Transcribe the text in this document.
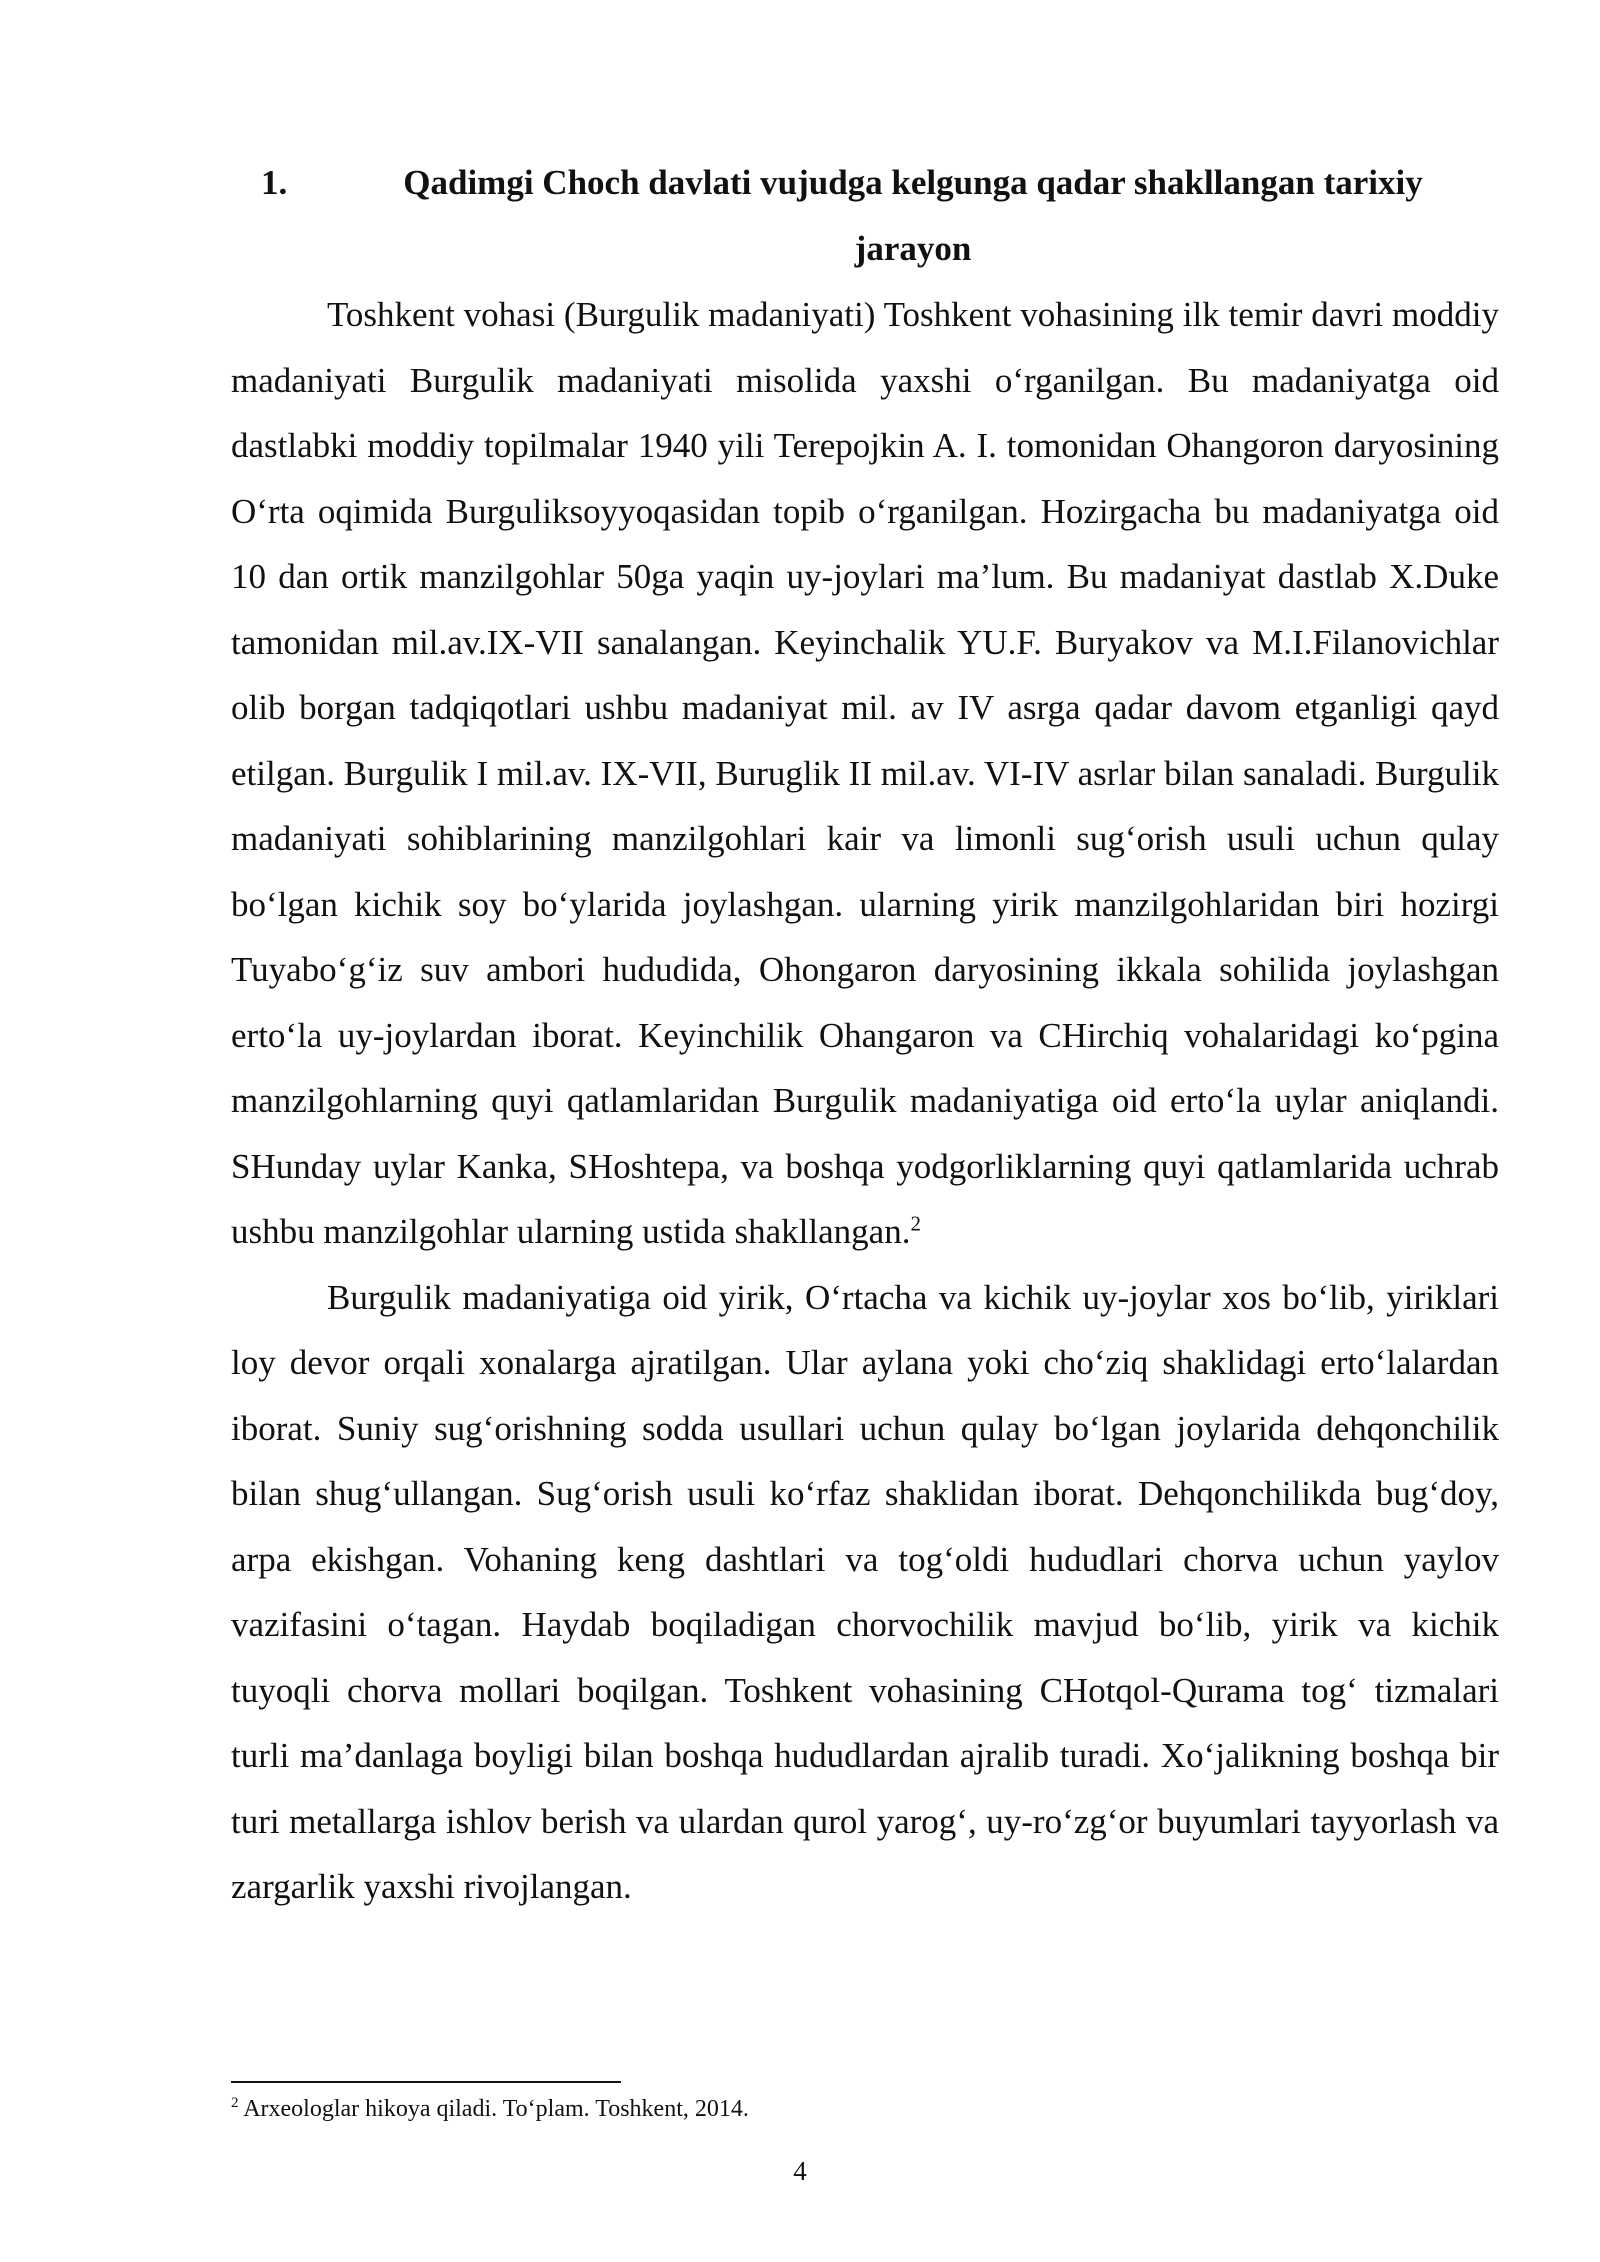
1.	Qadimgi Choch davlati vujudga kelgunga qadar shakllangan tarixiy jarayon

Toshkent vohasi (Burgulik madaniyati) Toshkent vohasining ilk temir davri moddiy madaniyati Burgulik madaniyati misolida yaxshi o‘rganilgan. Bu madaniyatga oid dastlabki moddiy topilmalar 1940 yili Terepojkin A. I. tomonidan Ohangoron daryosining O‘rta oqimida Burguliksoyyoqasidan topib o‘rganilgan. Hozirgacha bu madaniyatga oid 10 dan ortik manzilgohlar 50ga yaqin uy-joylari ma’lum. Bu madaniyat dastlab X.Duke tamonidan mil.av.IX-VII sanalangan. Keyinchalik YU.F. Buryakov va M.I.Filanovichlar olib borgan tadqiqotlari ushbu madaniyat mil. av IV asrga qadar davom etganligi qayd etilgan. Burgulik I mil.av. IX-VII, Buruglik II mil.av. VI-IV asrlar bilan sanaladi. Burgulik madaniyati sohiblarining manzilgohlari kair va limonli sug‘orish usuli uchun qulay bo‘lgan kichik soy bo‘ylarida joylashgan. ularning yirik manzilgohlaridan biri hozirgi Tuyabo‘g‘iz suv ambori hududida, Ohongaron daryosining ikkala sohilida joylashgan erto‘la uy-joylardan iborat. Keyinchilik Ohangaron va CHirchiq vohalaridagi ko‘pgina manzilgohlarning quyi qatlamlaridan Burgulik madaniyatiga oid erto‘la uylar aniqlandi. SHunday uylar Kanka, SHoshtepa, va boshqa yodgorliklarning quyi qatlamlarida uchrab ushbu manzilgohlar ularning ustida shakllangan.$^2$

Burgulik madaniyatiga oid yirik, O‘rtacha va kichik uy-joylar xos bo‘lib, yiriklari loy devor orqali xonalarga ajratilgan. Ular aylana yoki cho‘ziq shaklidagi erto‘lalardan iborat. Suniy sug‘orishning sodda usullari uchun qulay bo‘lgan joylarida dehqonchilik bilan shug‘ullangan. Sug‘orish usuli ko‘rfaz shaklidan iborat. Dehqonchilikda bug‘doy, arpa ekishgan. Vohaning keng dashtlari va tog‘oldi hududlari chorva uchun yaylov vazifasini o‘tagan. Haydab boqiladigan chorvochilik mavjud bo‘lib, yirik va kichik tuyoqli chorva mollari boqilgan. Toshkent vohasining CHotqol-Qurama tog‘ tizmalari turli ma’danlaga boyligi bilan boshqa hududlardan ajralib turadi. Xo‘jalikning boshqa bir turi metallarga ishlov berish va ulardan qurol yarog‘, uy-ro‘zg‘or buyumlari tayyorlash va zargarlik yaxshi rivojlangan.

$^2$ Arxeologlar hikoya qiladi. To‘plam. Toshkent, 2014.
4
